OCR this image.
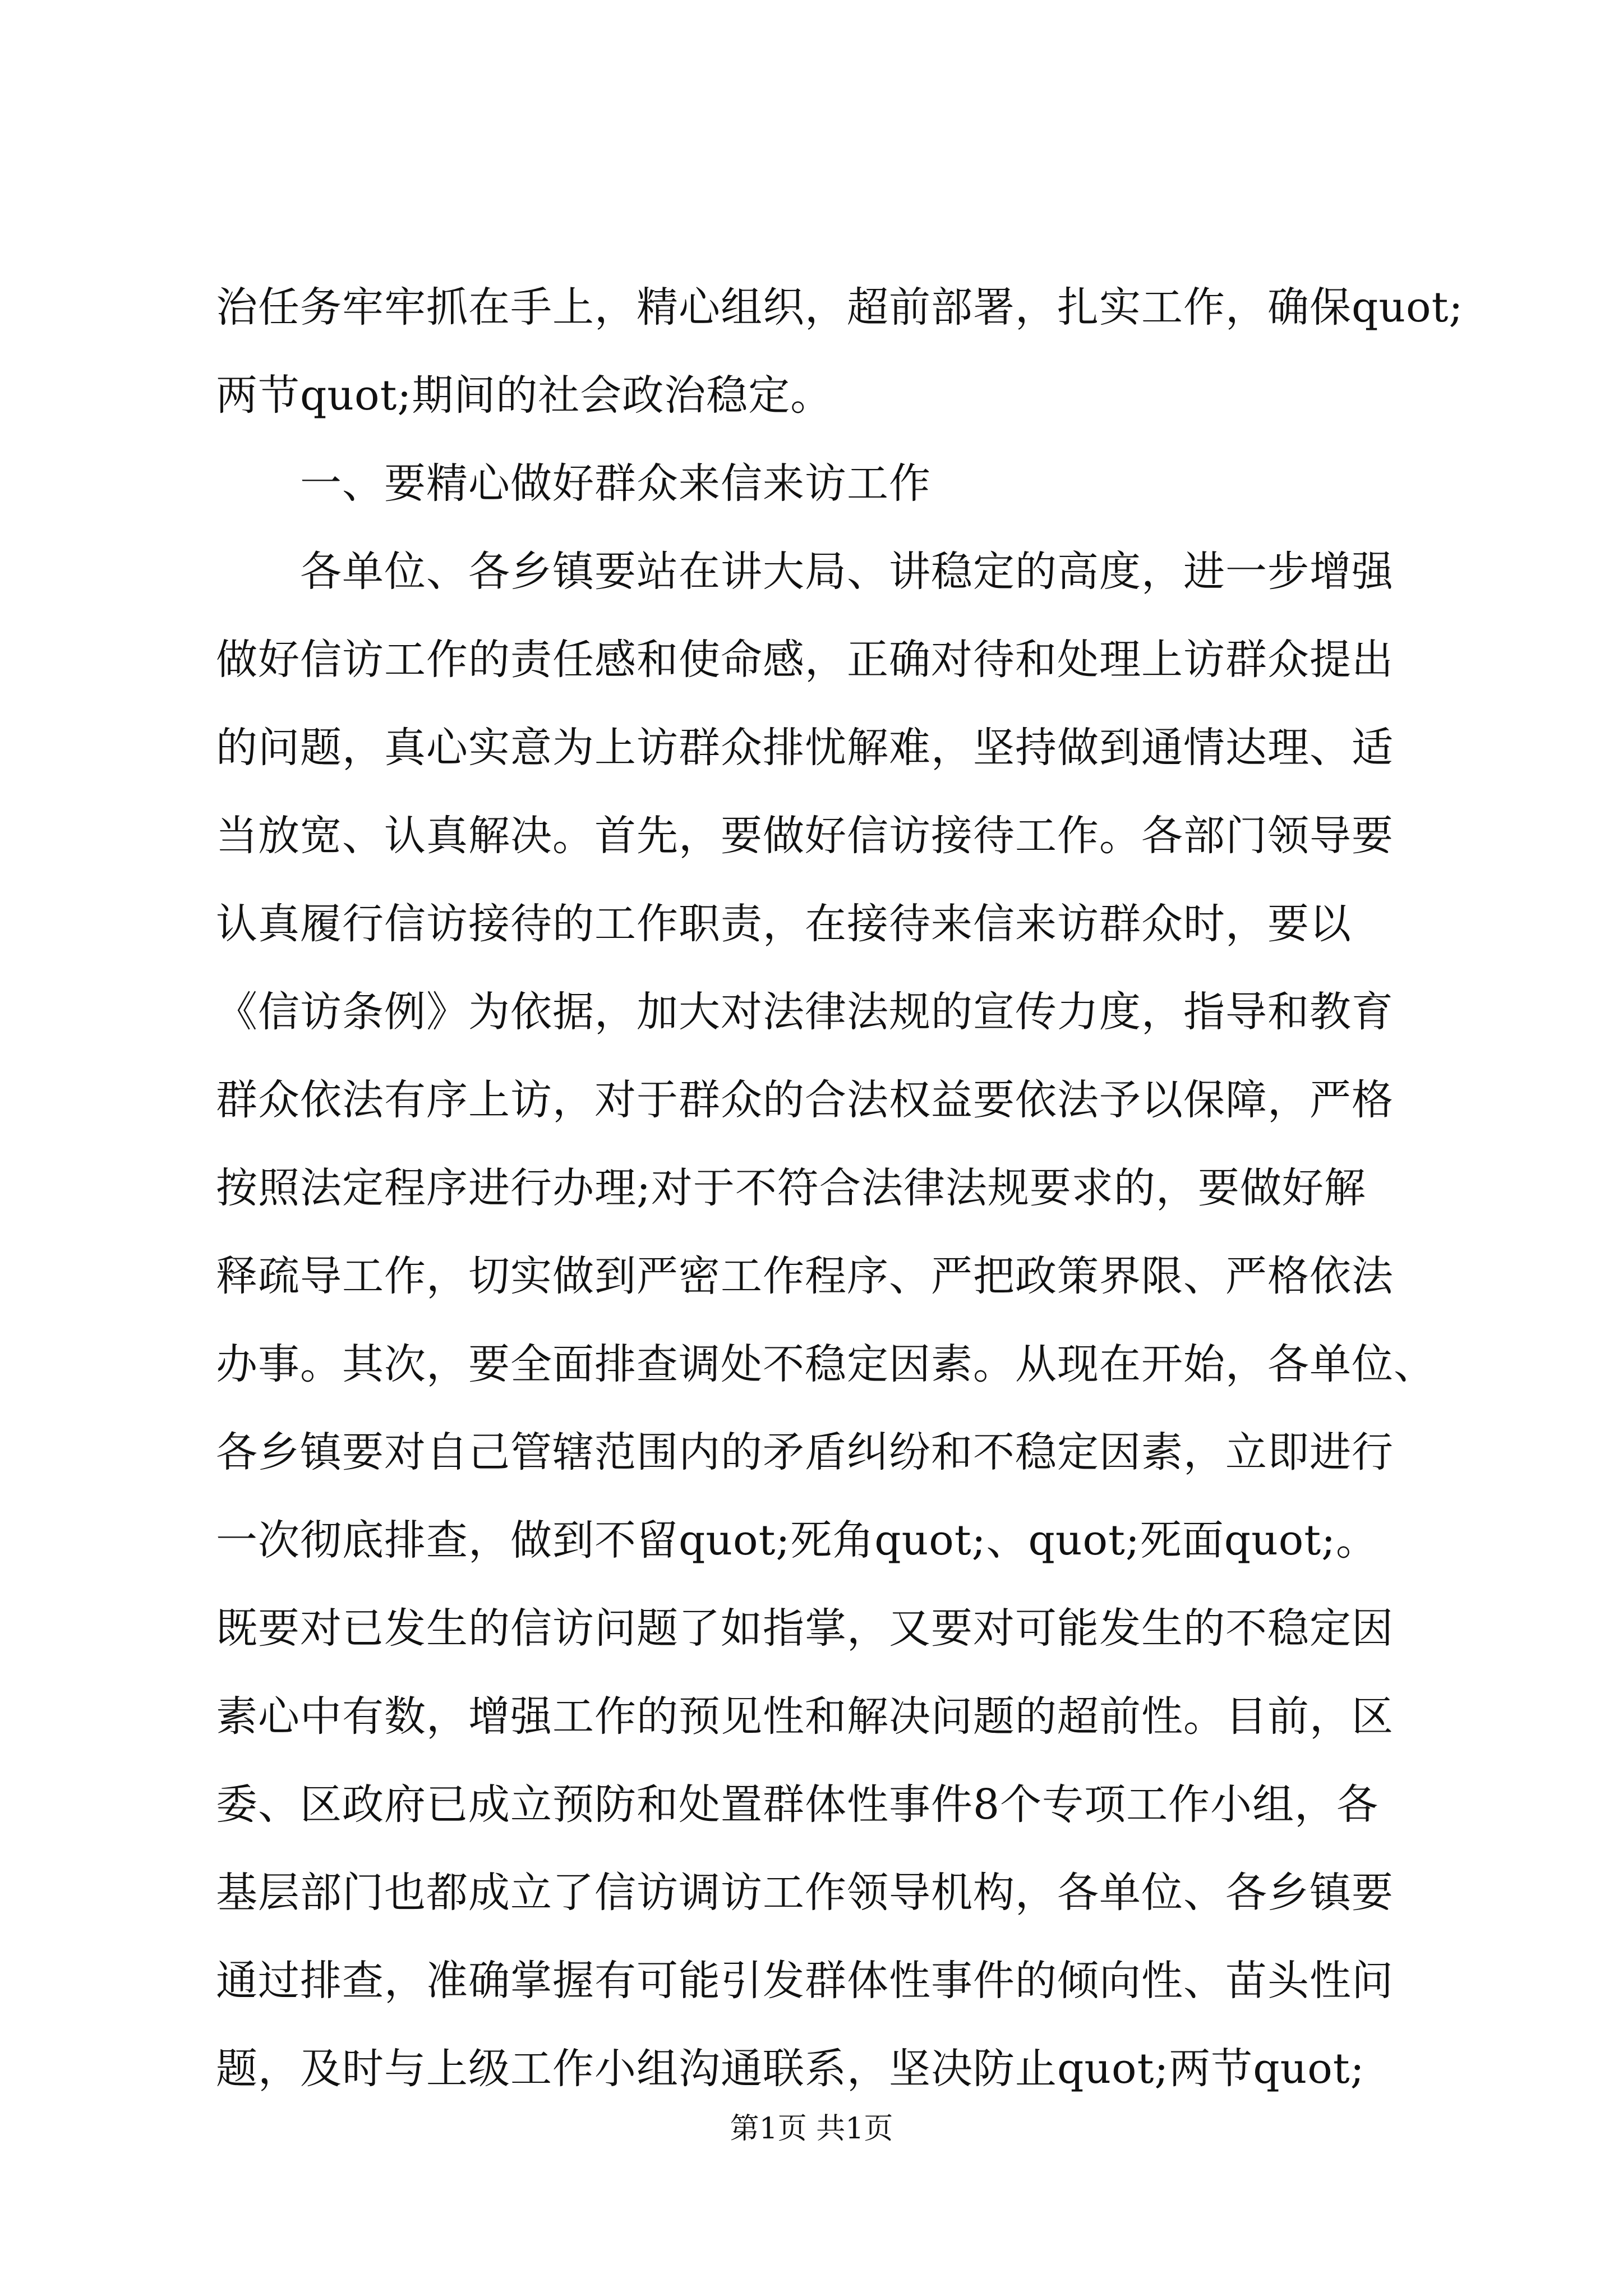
治任务牢牢抓在手上，精心组织，超前部署，扎实工作，确保quot;
两节quot;期间的社会政治稳定。
一、要精心做好群众来信来访工作
各单位、各乡镇要站在讲大局、讲稳定的高度，进一步增强
做好信访工作的责任感和使命感，正确对待和处理上访群众提出
的问题，真心实意为上访群众排忧解难，坚持做到通情达理、适
当放宽、认真解决。首先，要做好信访接待工作。各部门领导要
认真履行信访接待的工作职责，在接待来信来访群众时，要以
《信访条例》为依据，加大对法律法规的宣传力度，指导和教育
群众依法有序上访，对于群众的合法权益要依法予以保障，严格
按照法定程序进行办理;对于不符合法律法规要求的，要做好解
释疏导工作，切实做到严密工作程序、严把政策界限、严格依法
办事。其次，要全面排查调处不稳定因素。从现在开始，各单位、
各乡镇要对自己管辖范围内的矛盾纠纷和不稳定因素，立即进行
一次彻底排查，做到不留quot;死角quot;、quot;死面quot;。
既要对已发生的信访问题了如指掌，又要对可能发生的不稳定因
素心中有数，增强工作的预见性和解决问题的超前性。目前，区
委、区政府已成立预防和处置群体性事件8个专项工作小组，各
基层部门也都成立了信访调访工作领导机构，各单位、各乡镇要
通过排查，准确掌握有可能引发群体性事件的倾向性、苗头性问
题，及时与上级工作小组沟通联系，坚决防止quot;两节quot;
第1页 共1页
